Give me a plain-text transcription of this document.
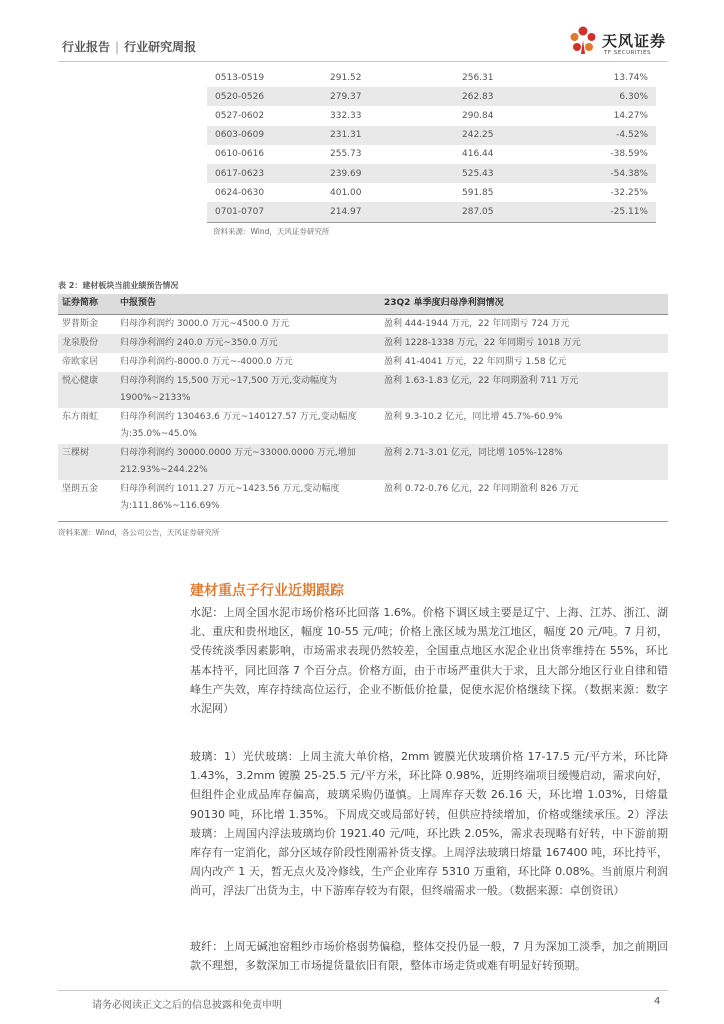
行业报告 | 行业研究周报	天风证券
TF SECURITIES
0513-0519	291.52	256.31	13.74%
0520-0526	279.37	262.83	6.30%
0527-0602	332.33	290.84	14.27%
0603-0609	231.31	242.25	-4.52%
0610-0616	255.73	416.44	-38.59%
0617-0623	239.69	525.43	-54.38%
0624-0630	401.00	591.85	-32.25%
0701-0707	214.97	287.05	-25.11%
资料来源：Wind，天风证券研究所
表 2：建材板块当前业绩预告情况
证券简称	中报预告	23Q2 单季度归母净利润情况
罗普斯金	归母净利润约 3000.0 万元~4500.0 万元	盈利 444-1944 万元，22 年同期亏 724 万元
龙泉股份	归母净利润约 240.0 万元~350.0 万元	盈利 1228-1338 万元，22 年同期亏 1018 万元
帝欧家居	归母净利润约-8000.0 万元~-4000.0 万元	盈利 41-4041 万元，22 年同期亏 1.58 亿元
悦心健康	归母净利润约 15,500 万元~17,500 万元,变动幅度为1900%~2133%	盈利 1.63-1.83 亿元，22 年同期盈利 711 万元
东方雨虹	归母净利润约 130463.6 万元~140127.57 万元,变动幅度为:35.0%~45.0%	盈利 9.3-10.2 亿元，同比增 45.7%-60.9%
三棵树	归母净利润约 30000.0000 万元~33000.0000 万元,增加 212.93%~244.22%	盈利 2.71-3.01 亿元，同比增 105%-128%
坚朗五金	归母净利润约 1011.27 万元~1423.56 万元,变动幅度为:111.86%~116.69%	盈利 0.72-0.76 亿元，22 年同期盈利 826 万元
资料来源：Wind，各公司公告，天风证券研究所
建材重点子行业近期跟踪
水泥：上周全国水泥市场价格环比回落 1.6%。价格下调区域主要是辽宁、上海、江苏、浙江、湖北、重庆和贵州地区，幅度 10-55 元/吨；价格上涨区域为黑龙江地区，幅度 20 元/吨。7 月初，受传统淡季因素影响，市场需求表现仍然较差，全国重点地区水泥企业出货率维持在 55%，环比基本持平，同比回落 7 个百分点。价格方面，由于市场严重供大于求，且大部分地区行业自律和错峰生产失效，库存持续高位运行，企业不断低价抢量，促使水泥价格继续下探。（数据来源：数字水泥网）
玻璃：1）光伏玻璃：上周主流大单价格，2mm 镀膜光伏玻璃价格 17-17.5 元/平方米，环比降 1.43%，3.2mm 镀膜 25-25.5 元/平方米，环比降 0.98%，近期终端项目缓慢启动，需求向好，但组件企业成品库存偏高，玻璃采购仍谨慎。上周库存天数 26.16 天，环比增 1.03%，日熔量 90130 吨，环比增 1.35%。下周成交或局部好转，但供应持续增加，价格或继续承压。2）浮法玻璃：上周国内浮法玻璃均价 1921.40 元/吨，环比跌 2.05%，需求表现略有好转，中下游前期库存有一定消化，部分区域存阶段性刚需补货支撑。上周浮法玻璃日熔量 167400 吨，环比持平，周内改产 1 天，暂无点火及冷修线，生产企业库存 5310 万重箱，环比降 0.08%。当前原片利润尚可，浮法厂出货为主，中下游库存较为有限，但终端需求一般。（数据来源：卓创资讯）
玻纤：上周无碱池窑粗纱市场价格弱势偏稳，整体交投仍显一般，7 月为深加工淡季，加之前期回款不理想，多数深加工市场提货量依旧有限，整体市场走货或难有明显好转预期。
请务必阅读正文之后的信息披露和免责申明	4
